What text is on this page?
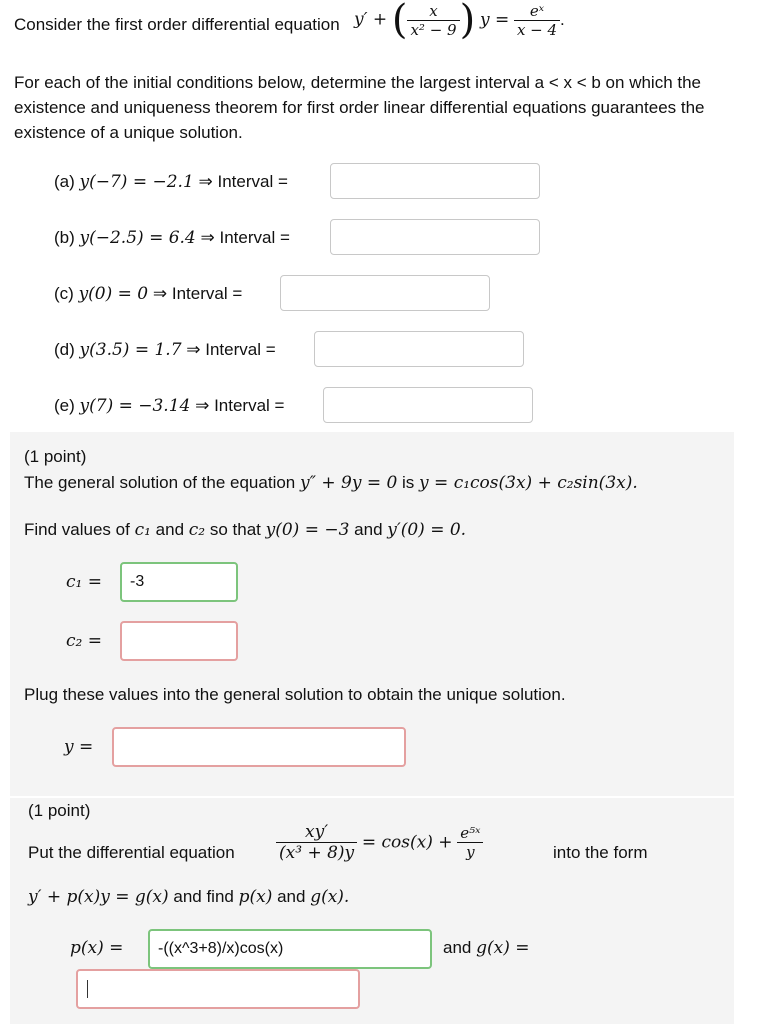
Consider the first order differential equation y′ + ( $\frac{x}{\text{x² − 9}}$ ) $y = \frac{\text{eˣ}}{x - 4}$ .
For each of the initial conditions below, determine the largest interval a < x < b on which the existence and uniqueness theorem for first order linear differential equations guarantees the existence of a unique solution.
(a) y(−7) = −2.1 ⇒ Interval =
(b) y(−2.5) = 6.4 ⇒ Interval =
(c) y(0) = 0 ⇒ Interval =
(d) y(3.5) = 1.7 ⇒ Interval =
(e) y(7) = −3.14 ⇒ Interval =
(1 point)
The general solution of the equation y″ + 9y = 0 is y = c₁cos(3x) + c₂sin(3x).
Find values of c₁ and c₂ so that y(0) = −3 and y′(0) = 0.
c₁ =
-3
c₂ =
Plug these values into the general solution to obtain the unique solution.
y =
(1 point)
Put the differential equation $\frac{xy'}{\text{(x³ + 8)y}} = \cos(x) + \frac{\text{e⁵ˣ}}{y}$	into the form
y′ + p(x)y = g(x) and find p(x) and g(x).
p(x) =
-((x^3+8)/x)cos(x)	and g(x) =
